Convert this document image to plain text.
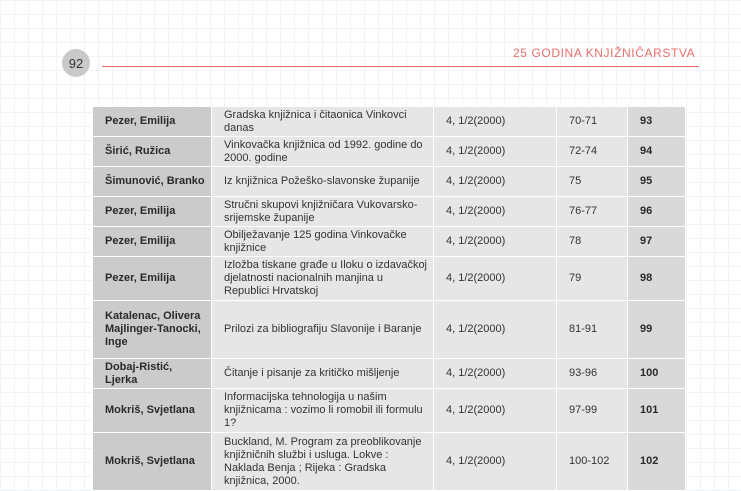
92
25 GODINA KNJIŽNIČARSTVA
Pezer, Emilija	Gradska knjižnica i čitaonica Vinkovci danas	4, 1/2(2000)	70-71	93
Širić, Ružica	Vinkovačka knjižnica od 1992. godine do 2000. godine	4, 1/2(2000)	72-74	94
Šimunović, Branko	Iz knjižnica Požeško-slavonske županije	4, 1/2(2000)	75	95
Pezer, Emilija	Stručni skupovi knjižničara Vukovarsko-srijemske županije	4, 1/2(2000)	76-77	96
Pezer, Emilija	Obilježavanje 125 godina Vinkovačke knjižnice	4, 1/2(2000)	78	97
Pezer, Emilija	Izložba tiskane građe u Iloku o izdavačkoj djelatnosti nacionalnih manjina u Republici Hrvatskoj	4, 1/2(2000)	79	98
Katalenac, Olivera Majlinger-Tanocki, Inge	Prilozi za bibliografiju Slavonije i Baranje	4, 1/2(2000)	81-91	99
Dobaj-Ristić, Ljerka	Čitanje i pisanje za kritičko mišljenje	4, 1/2(2000)	93-96	100
Mokriš, Svjetlana	Informacijska tehnologija u našim knjižnicama : vozimo li romobil ili formulu 1?	4, 1/2(2000)	97-99	101
Mokriš, Svjetlana	Buckland, M. Program za preoblikovanje knjižničnih službi i usluga. Lokve : Naklada Benja ; Rijeka : Gradska knjižnica, 2000.	4, 1/2(2000)	100-102	102
